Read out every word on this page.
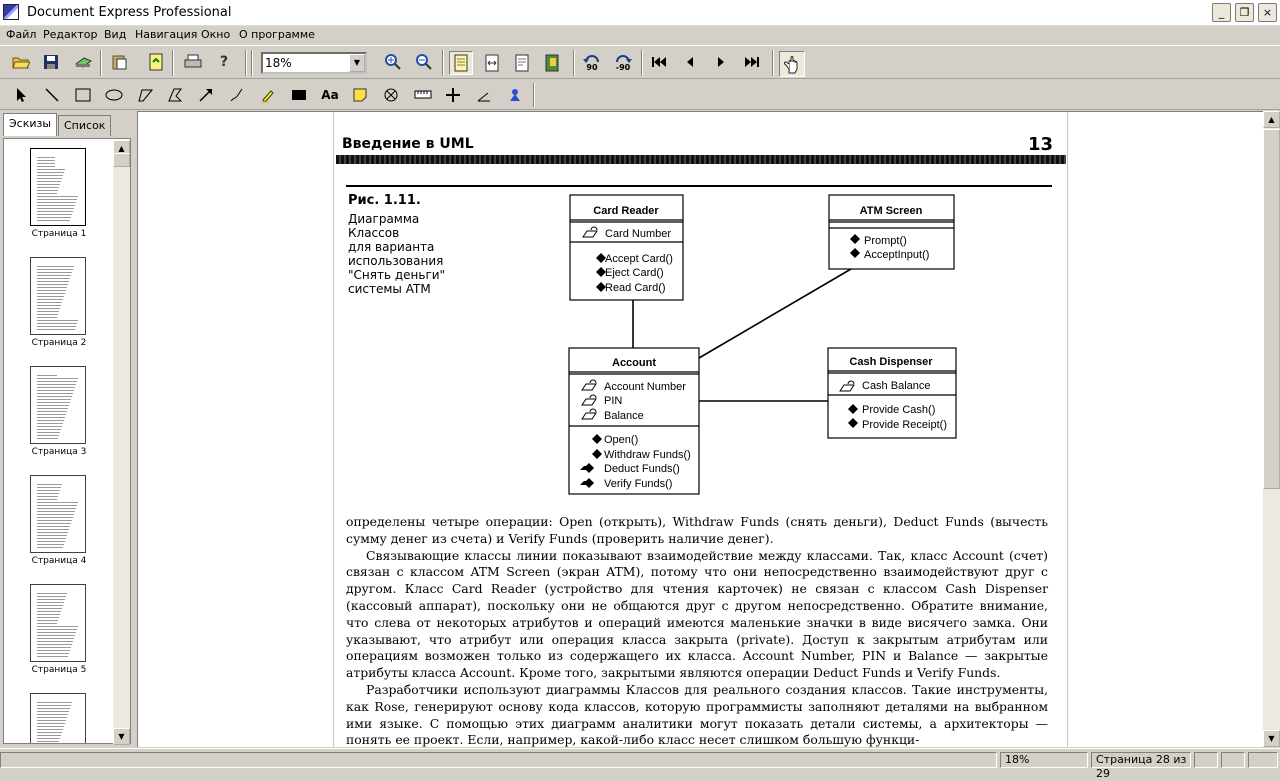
Document Express Professional	_	❐	×
Файл Редактор Вид Навигация Окно О программе
?	18%	▼
90 -90
Aa
Эскизы	Список
Страница 1
Страница 2
Страница 3
Страница 4
Страница 5
▲
▼
Введение в UML	13
Рис. 1.11.
Диаграмма
Классов
для варианта
использования
"Снять деньги"
системы ATM
Card Reader	ATM Screen
Account	Cash Dispenser
Card Number
Accept Card()
Eject Card()
Read Card()
Prompt()
AcceptInput()
Account Number
PIN
Balance
Open()
Withdraw Funds()
Deduct Funds()
Verify Funds()
Cash Balance
Provide Cash()
Provide Receipt()

определены четыре операции: Open (открыть), Withdraw Funds (снять деньги), Deduct Funds (вычесть сумму денег из счета) и Verify Funds (проверить наличие денег).

Связывающие классы линии показывают взаимодействие между классами. Так, класс Account (счет) связан с классом ATM Screen (экран ATM), потому что они непосредственно взаимодействуют друг с другом. Класс Card Reader (устройство для чтения карточек) не связан с классом Cash Dispenser (кассовый аппарат), поскольку они не общаются друг с другом непосредственно. Обратите внимание, что слева от некоторых атрибутов и операций имеются маленькие значки в виде висячего замка. Они указывают, что атрибут или операция класса закрыта (private). Доступ к закрытым атрибутам или операциям возможен только из содержащего их класса. Account Number, PIN и Balance — закрытые атрибуты класса Account. Кроме того, закрытыми являются операции Deduct Funds и Verify Funds.

Разработчики используют диаграммы Классов для реального создания классов. Такие инструменты, как Rose, генерируют основу кода классов, которую программисты заполняют деталями на выбранном ими языке. С помощью этих диаграмм аналитики могут показать детали системы, а архитекторы — понять ее проект. Если, например, какой-либо класс несет слишком большую функци-

▲
▼
18%	Страница 28 из 29
